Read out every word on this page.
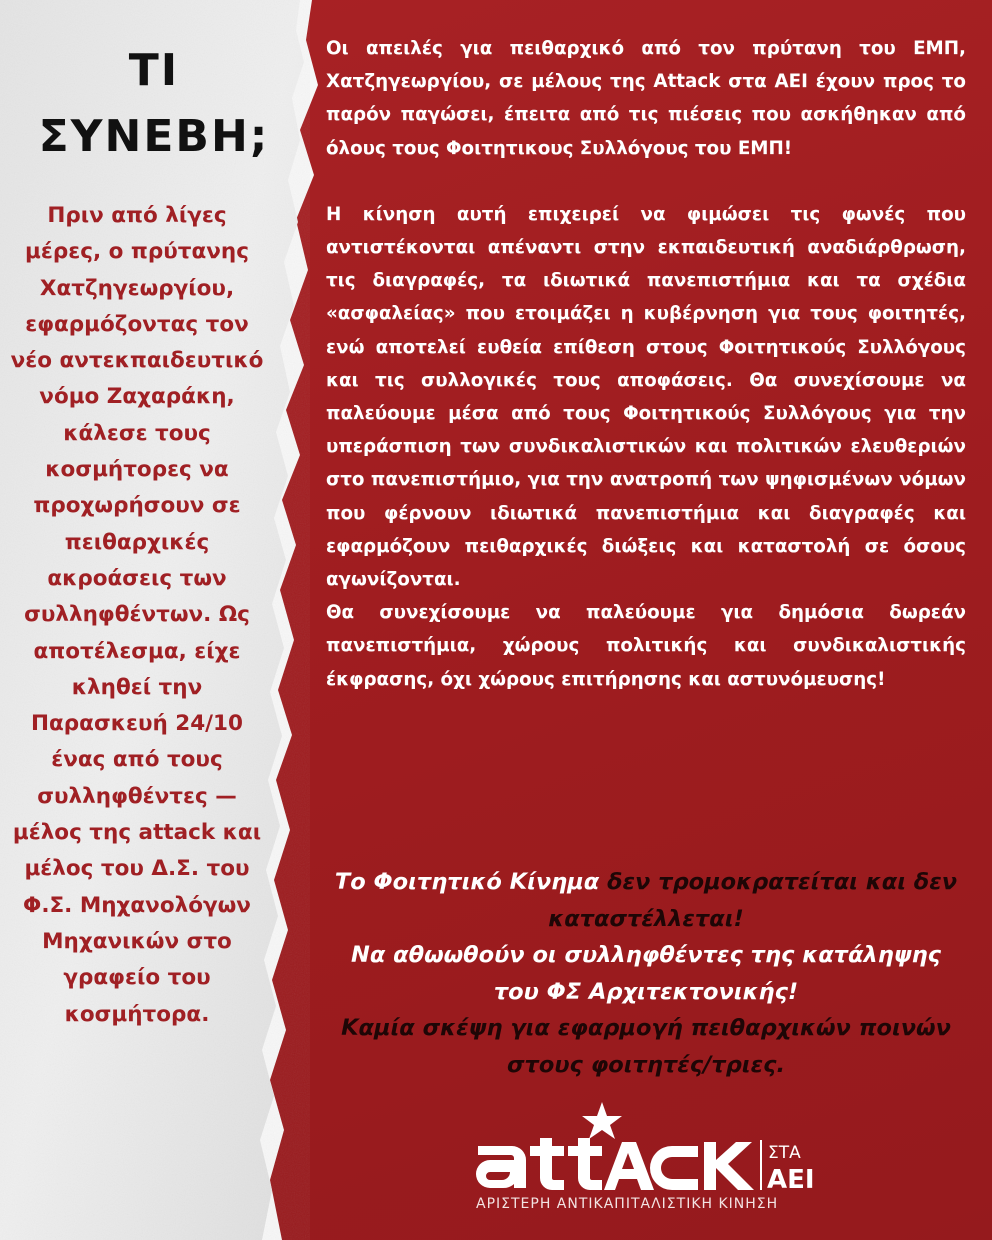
ΤΙ
ΣΥΝΕΒΗ;
Πριν από λίγες μέρες, ο πρύτανης Χατζηγεωργίου, εφαρμόζοντας τον νέο αντεκπαιδευτικό νόμο Ζαχαράκη, κάλεσε τους κοσμήτορες να προχωρήσουν σε πειθαρχικές ακροάσεις των συλληφθέντων. Ως αποτέλεσμα, είχε κληθεί την Παρασκευή 24/10 ένας από τους συλληφθέντες — μέλος της attack και μέλος του Δ.Σ. του Φ.Σ. Μηχανολόγων Μηχανικών στο γραφείο του κοσμήτορα.

Οι απειλές για πειθαρχικό από τον πρύτανη του ΕΜΠ, Χατζηγεωργίου, σε μέλους της Attack στα ΑΕΙ έχουν προς το παρόν παγώσει, έπειτα από τις πιέσεις που ασκήθηκαν από όλους τους Φοιτητικους Συλλόγους του ΕΜΠ!

Η κίνηση αυτή επιχειρεί να φιμώσει τις φωνές που αντιστέκονται απέναντι στην εκπαιδευτική αναδιάρθρωση, τις διαγραφές, τα ιδιωτικά πανεπιστήμια και τα σχέδια «ασφαλείας» που ετοιμάζει η κυβέρνηση για τους φοιτητές, ενώ αποτελεί ευθεία επίθεση στους Φοιτητικούς Συλλόγους και τις συλλογικές τους αποφάσεις. Θα συνεχίσουμε να παλεύουμε μέσα από τους Φοιτητικούς Συλλόγους για την υπεράσπιση των συνδικαλιστικών και πολιτικών ελευθεριών στο πανεπιστήμιο, για την ανατροπή των ψηφισμένων νόμων που φέρνουν ιδιωτικά πανεπιστήμια και διαγραφές και εφαρμόζουν πειθαρχικές διώξεις και καταστολή σε όσους αγωνίζονται.

Θα συνεχίσουμε να παλεύουμε για δημόσια δωρεάν πανεπιστήμια, χώρους πολιτικής και συνδικαλιστικής έκφρασης, όχι χώρους επιτήρησης και αστυνόμευσης!

Το Φοιτητικό Κίνημα δεν τρομοκρατείται και δεν καταστέλλεται!
Να αθωωθούν οι συλληφθέντες της κατάληψης του ΦΣ Αρχιτεκτονικής!
Καμία σκέψη για εφαρμογή πειθαρχικών ποινών στους φοιτητές/τριες.
ΣΤΑ
ΑΕΙ
ΑΡΙΣΤΕΡΗ ΑΝΤΙΚΑΠΙΤΑΛΙΣΤΙΚΗ ΚΙΝΗΣΗ
